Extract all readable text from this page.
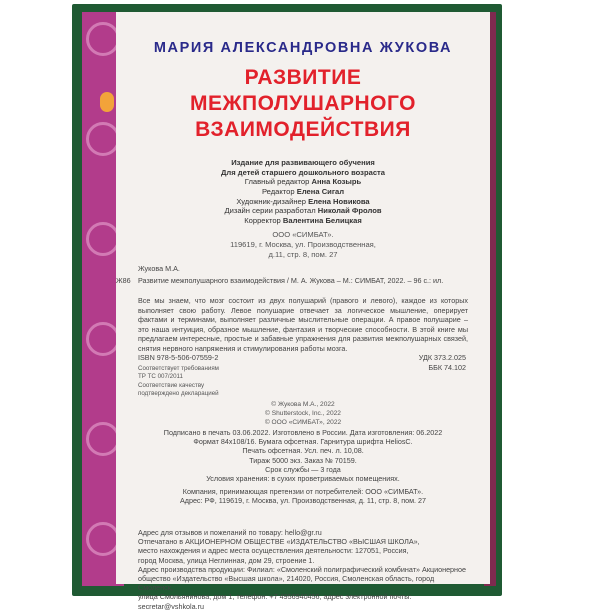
МАРИЯ АЛЕКСАНДРОВНА ЖУКОВА
РАЗВИТИЕ
МЕЖПОЛУШАРНОГО
ВЗАИМОДЕЙСТВИЯ
Издание для развивающего обучения
Для детей старшего дошкольного возраста
Главный редактор Анна Козырь
Редактор Елена Сигал
Художник-дизайнер Елена Новикова
Дизайн серии разработал Николай Фролов
Корректор Валентина Белицкая
ООО «СИМБАТ».
119619, г. Москва, ул. Производственная,
д.11, стр. 8, пом. 27
Жукова М.А.
Ж86 Развитие межполушарного взаимодействия / М. А. Жукова – М.: СИМБАТ, 2022. – 96 с.: ил.
Все мы знаем, что мозг состоит из двух полушарий (правого и левого), каждое из которых выполняет свою работу. Левое полушарие отвечает за логическое мышление, оперирует фактами и терминами, выполняет различные мыслительные операции. А правое полушарие – это наша интуиция, образное мышление, фантазия и творческие способности. В этой книге мы предлагаем интересные, простые и забавные упражнения для развития межполушарных связей, снятия нервного напряжения и стимулирования работы мозга.
ISBN 978-5-506-07559-2	УДК 373.2.025
ББК 74.102
Соответствует требованиям
ТР ТС 007/2011
Соответствие качеству
подтверждено декларацией
© Жукова М.А., 2022
© Shutterstock, Inc., 2022
© ООО «СИМБАТ», 2022
Подписано в печать 03.06.2022. Изготовлено в России. Дата изготовления: 06.2022
Формат 84х108/16. Бумага офсетная. Гарнитура шрифта HeliosC.
Печать офсетная. Усл. печ. л. 10,08.
Тираж 5000 экз. Заказ № 70159.
Срок службы — 3 года
Условия хранения: в сухих проветриваемых помещениях.
Компания, принимающая претензии от потребителей: ООО «СИМБАТ».
Адрес: РФ, 119619, г. Москва, ул. Производственная, д. 11, стр. 8, пом. 27
Адрес для отзывов и пожеланий по товару: hello@gr.ru
Отпечатано в АКЦИОНЕРНОМ ОБЩЕСТВЕ «ИЗДАТЕЛЬСТВО «ВЫСШАЯ ШКОЛА»,
место нахождения и адрес места осуществления деятельности: 127051, Россия,
город Москва, улица Неглинная, дом 29, строение 1.
Адрес производства продукции: Филиал: «Смоленский полиграфический комбинат» Акционерное
общество «Издательство «Высшая школа», 214020, Россия, Смоленская область, город Смоленск,
улица Смольянинова, дом 1, телефон: +7 4956940456, адрес электронной почты: secretar@vshkola.ru
